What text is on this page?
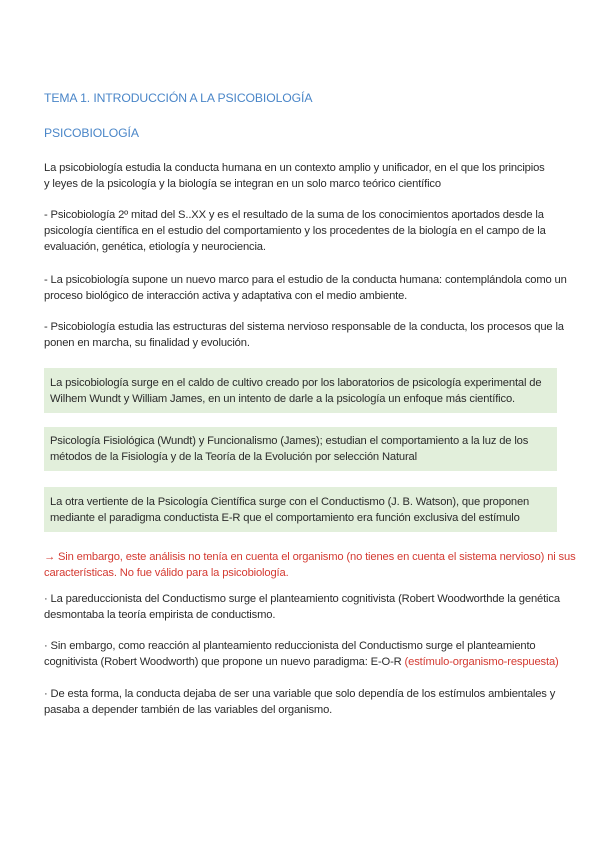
TEMA 1. INTRODUCCIÓN A LA PSICOBIOLOGÍA

PSICOBIOLOGÍA

La psicobiología estudia la conducta humana en un contexto amplio y unificador, en el que los principios
y leyes de la psicología y la biología se integran en un solo marco teórico científico

- Psicobiología 2º mitad del S..XX y es el resultado de la suma de los conocimientos aportados desde la
psicología científica en el estudio del comportamiento y los procedentes de la biología en el campo de la
evaluación, genética, etiología y neurociencia.

- La psicobiología supone un nuevo marco para el estudio de la conducta humana: contemplándola como un
proceso biológico de interacción activa y adaptativa con el medio ambiente.

- Psicobiología estudia las estructuras del sistema nervioso responsable de la conducta, los procesos que la
ponen en marcha, su finalidad y evolución.

La psicobiología surge en el caldo de cultivo creado por los laboratorios de psicología experimental de
Wilhem Wundt y William James, en un intento de darle a la psicología un enfoque más científico.

Psicología Fisiológica (Wundt) y Funcionalismo (James); estudian el comportamiento a la luz de los
métodos de la Fisiología y de la Teoría de la Evolución por selección Natural

La otra vertiente de la Psicología Científica surge con el Conductismo (J. B. Watson), que proponen
mediante el paradigma conductista E-R que el comportamiento era función exclusiva del estímulo

→ Sin embargo, este análisis no tenía en cuenta el organismo (no tienes en cuenta el sistema nervioso) ni sus
características. No fue válido para la psicobiología.

· La pareduccionista del Conductismo surge el planteamiento cognitivista (Robert Woodworthde la genética
desmontaba la teoría empirista de conductismo.

· Sin embargo, como reacción al planteamiento reduccionista del Conductismo surge el planteamiento
cognitivista (Robert Woodworth) que propone un nuevo paradigma: E-O-R (estímulo-organismo-respuesta)

· De esta forma, la conducta dejaba de ser una variable que solo dependía de los estímulos ambientales y
pasaba a depender también de las variables del organismo.
